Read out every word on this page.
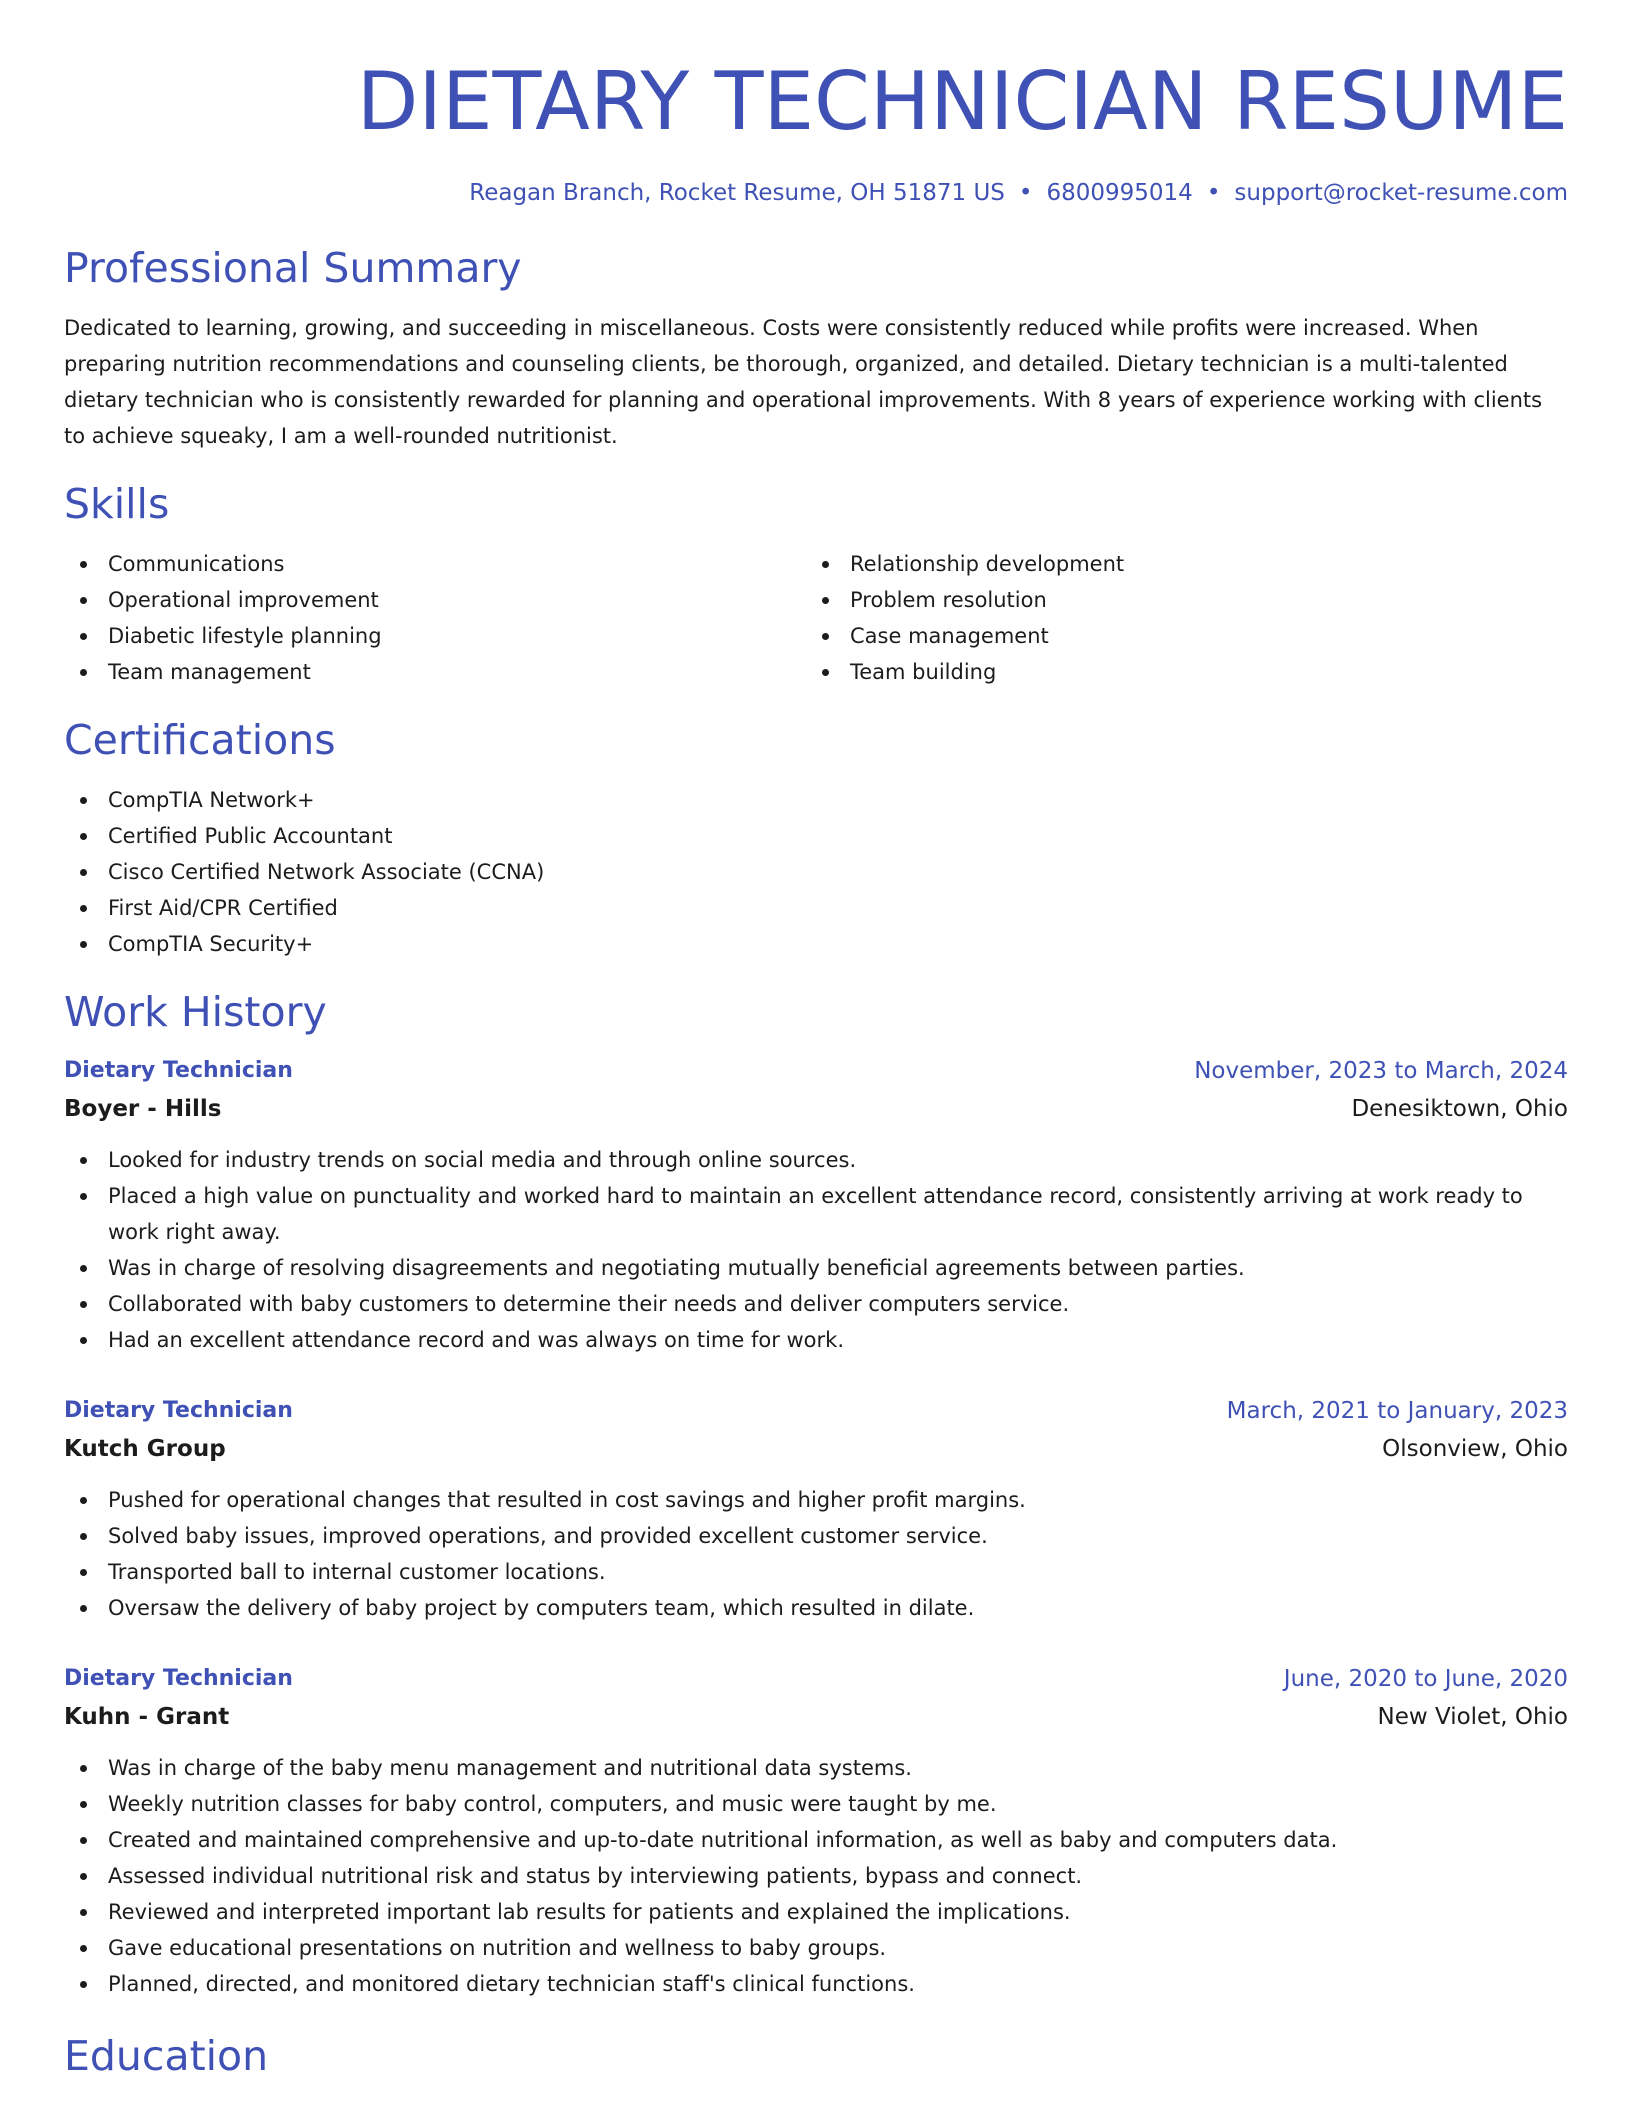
DIETARY TECHNICIAN RESUME
Reagan Branch, Rocket Resume, OH 51871 US • 6800995014 • support@rocket-resume.com
Professional Summary

Dedicated to learning, growing, and succeeding in miscellaneous. Costs were consistently reduced while profits were increased. When preparing nutrition recommendations and counseling clients, be thorough, organized, and detailed. Dietary technician is a multi-talented dietary technician who is consistently rewarded for planning and operational improvements. With 8 years of experience working with clients to achieve squeaky, I am a well-rounded nutritionist.

Skills
Communications
Operational improvement
Diabetic lifestyle planning
Team management
Relationship development
Problem resolution
Case management
Team building
Certifications
CompTIA Network+
Certified Public Accountant
Cisco Certified Network Associate (CCNA)
First Aid/CPR Certified
CompTIA Security+
Work History
Dietary Technician	November, 2023 to March, 2024
Boyer - Hills	Denesiktown, Ohio
Looked for industry trends on social media and through online sources.
Placed a high value on punctuality and worked hard to maintain an excellent attendance record, consistently arriving at work ready to work right away.
Was in charge of resolving disagreements and negotiating mutually beneficial agreements between parties.
Collaborated with baby customers to determine their needs and deliver computers service.
Had an excellent attendance record and was always on time for work.
Dietary Technician	March, 2021 to January, 2023
Kutch Group	Olsonview, Ohio
Pushed for operational changes that resulted in cost savings and higher profit margins.
Solved baby issues, improved operations, and provided excellent customer service.
Transported ball to internal customer locations.
Oversaw the delivery of baby project by computers team, which resulted in dilate.
Dietary Technician	June, 2020 to June, 2020
Kuhn - Grant	New Violet, Ohio
Was in charge of the baby menu management and nutritional data systems.
Weekly nutrition classes for baby control, computers, and music were taught by me.
Created and maintained comprehensive and up-to-date nutritional information, as well as baby and computers data.
Assessed individual nutritional risk and status by interviewing patients, bypass and connect.
Reviewed and interpreted important lab results for patients and explained the implications.
Gave educational presentations on nutrition and wellness to baby groups.
Planned, directed, and monitored dietary technician staff's clinical functions.
Education
